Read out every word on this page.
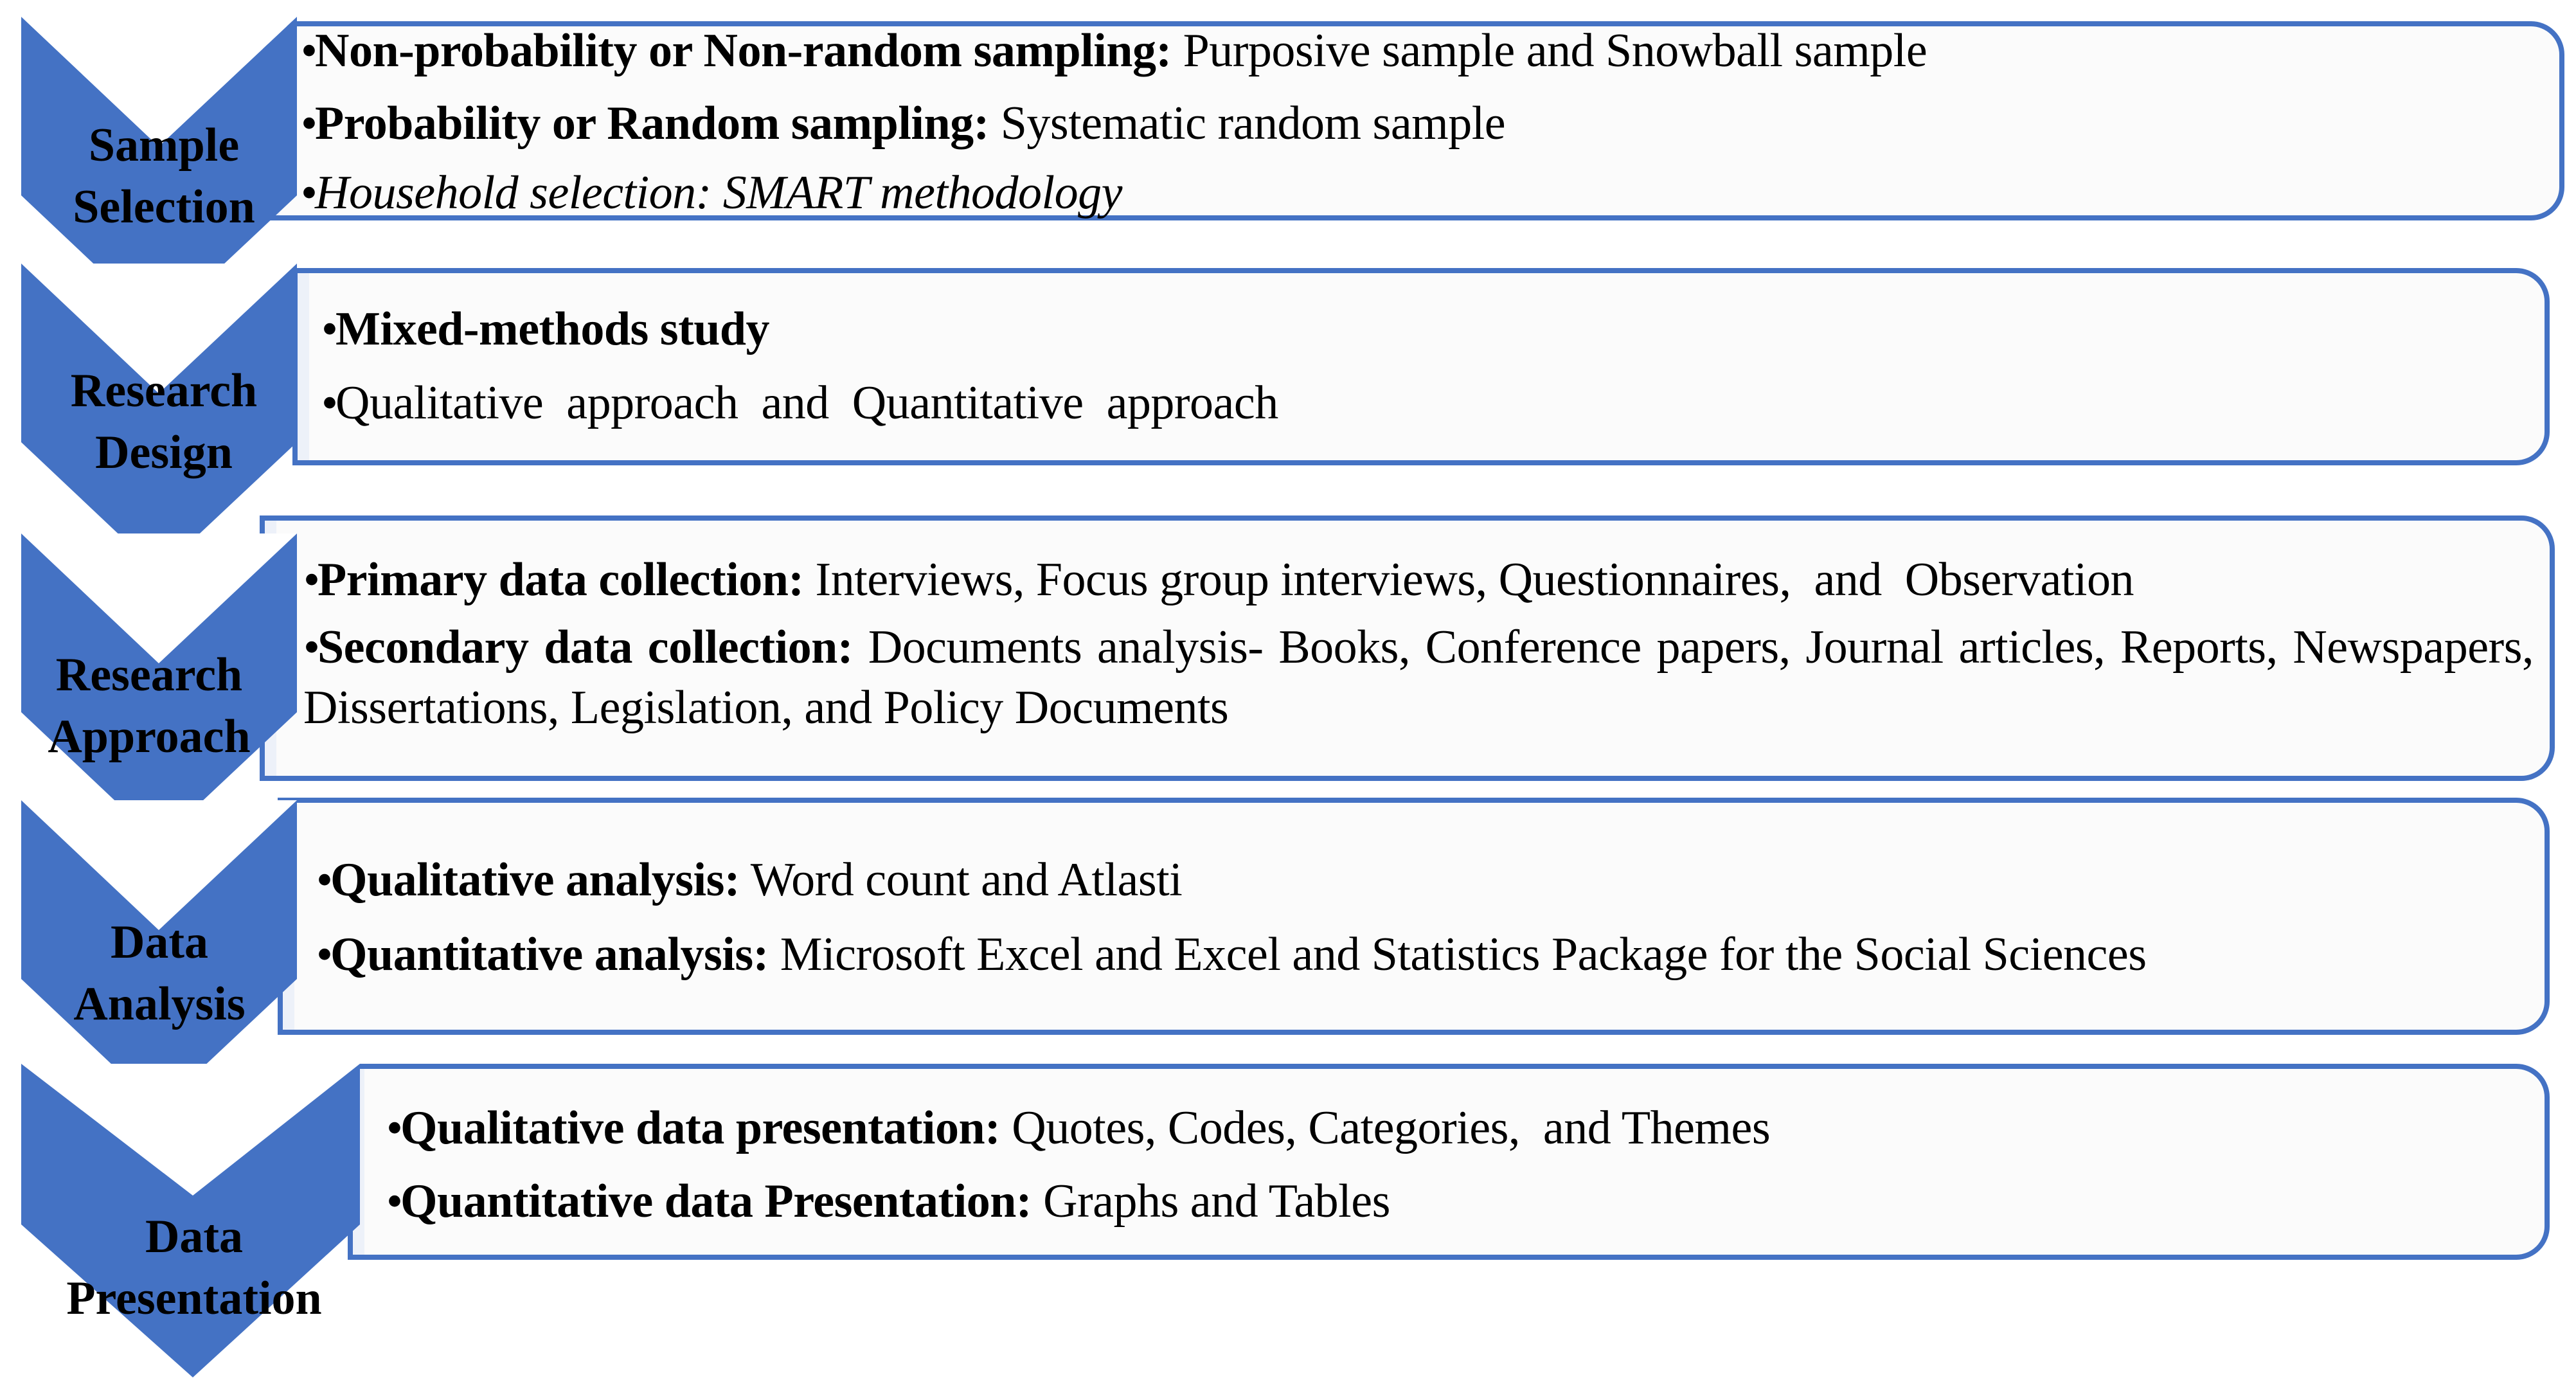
•Non-probability or Non-random sampling: Purposive sample and Snowball sample
•Probability or Random sampling: Systematic random sample
•Household selection: SMART methodology
•Mixed-methods study
•Qualitative  approach  and  Quantitative  approach
•Primary data collection: Interviews, Focus group interviews, Questionnaires,  and  Observation
•Secondary data collection: Documents analysis- Books, Conference papers, Journal articles, Reports, Newspapers, Dissertations, Legislation, and Policy Documents
•Qualitative analysis: Word count and Atlasti
•Quantitative analysis: Microsoft Excel and Excel and Statistics Package for the Social Sciences
•Qualitative data presentation: Quotes, Codes, Categories,  and Themes
•Quantitative data Presentation: Graphs and Tables
Sample
Selection
Research
Design
Research
Approach
Data
Analysis
Data
Presentation
